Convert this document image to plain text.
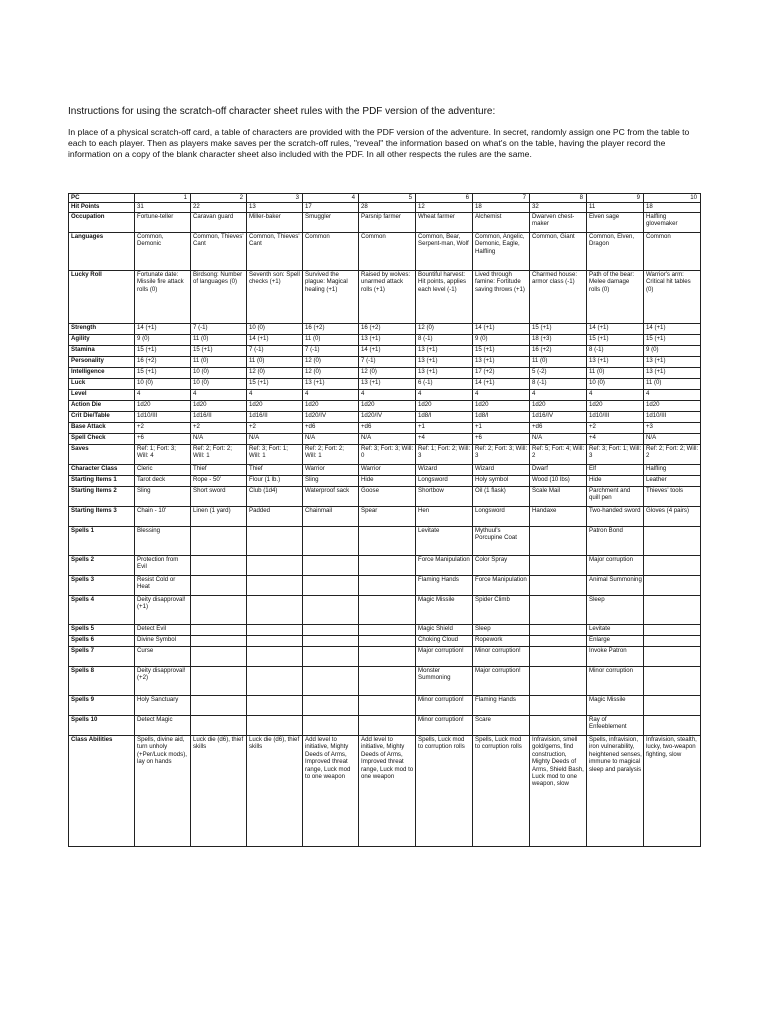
Instructions for using the scratch-off character sheet rules with the PDF version of the adventure:
In place of a physical scratch-off card, a table of characters are provided with the PDF version of the adventure. In secret, randomly assign one PC from the table to each to each player. Then as players make saves per the scratch-off rules, "reveal" the information based on what's on the table, having the player record the information on a copy of the blank character sheet also included with the PDF. In all other respects the rules are the same.
PC	1	2	3	4	5	6	7	8	9	10
Hit Points	31	22	13	17	28	12	18	32	11	18
Occupation	Fortune-teller	Caravan guard	Miller-baker	Smuggler	Parsnip farmer	Wheat farmer	Alchemist	Dwarven chest-maker	Elven sage	Halfling glovemaker
Languages	Common, Demonic	Common, Thieves' Cant	Common, Thieves' Cant	Common	Common	Common, Bear, Serpent-man, Wolf	Common, Angelic, Demonic, Eagle, Halfling	Common, Giant	Common, Elven, Dragon	Common
Lucky Roll	Fortunate date: Missile fire attack rolls (0)	Birdsong: Number of languages (0)	Seventh son: Spell checks (+1)	Survived the plague: Magical healing (+1)	Raised by wolves: unarmed attack rolls (+1)	Bountiful harvest: Hit points, applies each level (-1)	Lived through famine: Fortitude saving throws (+1)	Charmed house: armor class (-1)	Path of the bear: Melee damage rolls (0)	Warrior's arm: Critical hit tables (0)
Strength	14 (+1)	7 (-1)	10 (0)	16 (+2)	16 (+2)	12 (0)	14 (+1)	15 (+1)	14 (+1)	14 (+1)
Agility	9 (0)	11 (0)	14 (+1)	11 (0)	13 (+1)	8 (-1)	9 (0)	18 (+3)	15 (+1)	15 (+1)
Stamina	15 (+1)	15 (+1)	7 (-1)	7 (-1)	14 (+1)	13 (+1)	15 (+1)	16 (+2)	8 (-1)	9 (0)
Personality	16 (+2)	11 (0)	11 (0)	12 (0)	7 (-1)	13 (+1)	13 (+1)	11 (0)	13 (+1)	13 (+1)
Intelligence	15 (+1)	10 (0)	12 (0)	12 (0)	12 (0)	13 (+1)	17 (+2)	5 (-2)	11 (0)	13 (+1)
Luck	10 (0)	10 (0)	15 (+1)	13 (+1)	13 (+1)	6 (-1)	14 (+1)	8 (-1)	10 (0)	11 (0)
Level	4	4	4	4	4	4	4	4	4	4
Action Die	1d20	1d20	1d20	1d20	1d20	1d20	1d20	1d20	1d20	1d20
Crit Die/Table	1d10/III	1d16/II	1d16/II	1d20/IV	1d20/IV	1d8/I	1d8/I	1d16/IV	1d10/III	1d10/III
Base Attack	+2	+2	+2	+d6	+d6	+1	+1	+d6	+2	+3
Spell Check	+6	N/A	N/A	N/A	N/A	+4	+6	N/A	+4	N/A
Saves	Ref: 1; Fort: 3; Will: 4	Ref: 2; Fort: 2; Will: 1	Ref: 3; Fort: 1; Will: 1	Ref: 2; Fort: 2; Will: 1	Ref: 3; Fort: 3; Will: 0	Ref: 1; Fort: 2; Will: 3	Ref: 2; Fort: 3; Will: 3	Ref: 5; Fort: 4; Will: 2	Ref: 3; Fort: 1; Will: 3	Ref: 2; Fort: 2; Will: 2
Character Class	Cleric	Thief	Thief	Warrior	Warrior	Wizard	Wizard	Dwarf	Elf	Halfling
Starting Items 1	Tarot deck	Rope - 50'	Flour (1 lb.)	Sling	Hide	Longsword	Holy symbol	Wood (10 lbs)	Hide	Leather
Starting Items 2	Sling	Short sword	Club (1d4)	Waterproof sack	Goose	Shortbow	Oil (1 flask)	Scale Mail	Parchment and quill pen	Thieves' tools
Starting Items 3	Chain - 10'	Linen (1 yard)	Padded	Chainmail	Spear	Hen	Longsword	Handaxe	Two-handed sword	Gloves (4 pairs)
Spells 1	Blessing					Levitate	Mythuul's Porcupine Coat		Patron Bond	
Spells 2	Protection from Evil					Force Manipulation	Color Spray		Major corruption	
Spells 3	Resist Cold or Heat					Flaming Hands	Force Manipulation		Animal Summoning	
Spells 4	Deity disapproval! (+1)					Magic Missile	Spider Climb		Sleep	
Spells 5	Detect Evil					Magic Shield	Sleep		Levitate	
Spells 6	Divine Symbol					Choking Cloud	Ropework		Enlarge	
Spells 7	Curse					Major corruption!	Minor corruption!		Invoke Patron	
Spells 8	Deity disapproval! (+2)					Monster Summoning	Major corruption!		Minor corruption	
Spells 9	Holy Sanctuary					Minor corruption!	Flaming Hands		Magic Missile	
Spells 10	Detect Magic					Minor corruption!	Scare		Ray of Enfeeblement	
Class Abilities	Spells, divine aid, turn unholy (+Per/Luck mods), lay on hands	Luck die (d6), thief skills	Luck die (d6), thief skills	Add level to initiative, Mighty Deeds of Arms, Improved threat range, Luck mod to one weapon	Add level to initiative, Mighty Deeds of Arms, Improved threat range, Luck mod to one weapon	Spells, Luck mod to corruption rolls	Spells, Luck mod to corruption rolls	Infravision, smell gold/gems, find construction, Mighty Deeds of Arms, Shield Bash, Luck mod to one weapon, slow	Spells, infravision, iron vulnerability, heightened senses, immune to magical sleep and paralysis	Infravision, stealth, lucky, two-weapon fighting, slow
